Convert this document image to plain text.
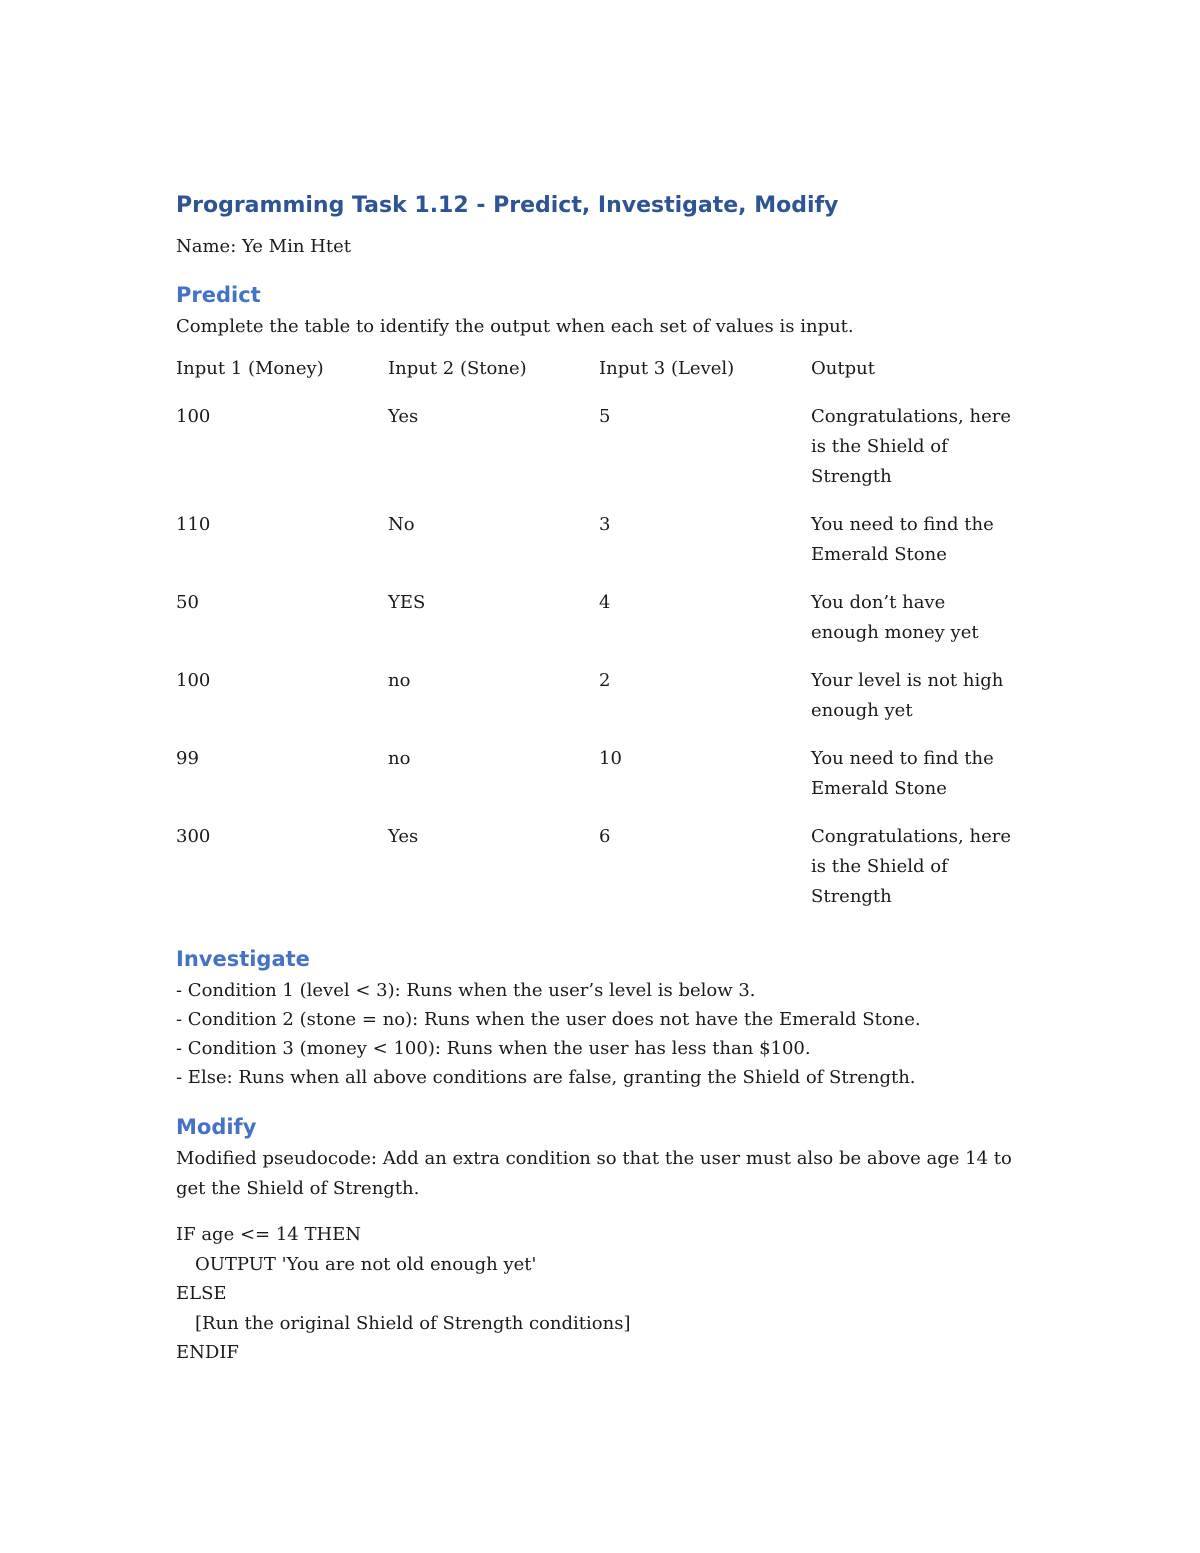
Programming Task 1.12 - Predict, Investigate, Modify
Name: Ye Min Htet
Predict
Complete the table to identify the output when each set of values is input.
Input 1 (Money)	Input 2 (Stone)	Input 3 (Level)	Output
100	Yes	5	Congratulations, here is the Shield of Strength
110	No	3	You need to find the Emerald Stone
50	YES	4	You don’t have enough money yet
100	no	2	Your level is not high enough yet
99	no	10	You need to find the Emerald Stone
300	Yes	6	Congratulations, here is the Shield of Strength
Investigate
- Condition 1 (level < 3): Runs when the user’s level is below 3.
- Condition 2 (stone = no): Runs when the user does not have the Emerald Stone.
- Condition 3 (money < 100): Runs when the user has less than $100.
- Else: Runs when all above conditions are false, granting the Shield of Strength.
Modify
Modified pseudocode: Add an extra condition so that the user must also be above age 14 to get the Shield of Strength.
IF age <= 14 THEN
OUTPUT 'You are not old enough yet'
ELSE
[Run the original Shield of Strength conditions]
ENDIF
